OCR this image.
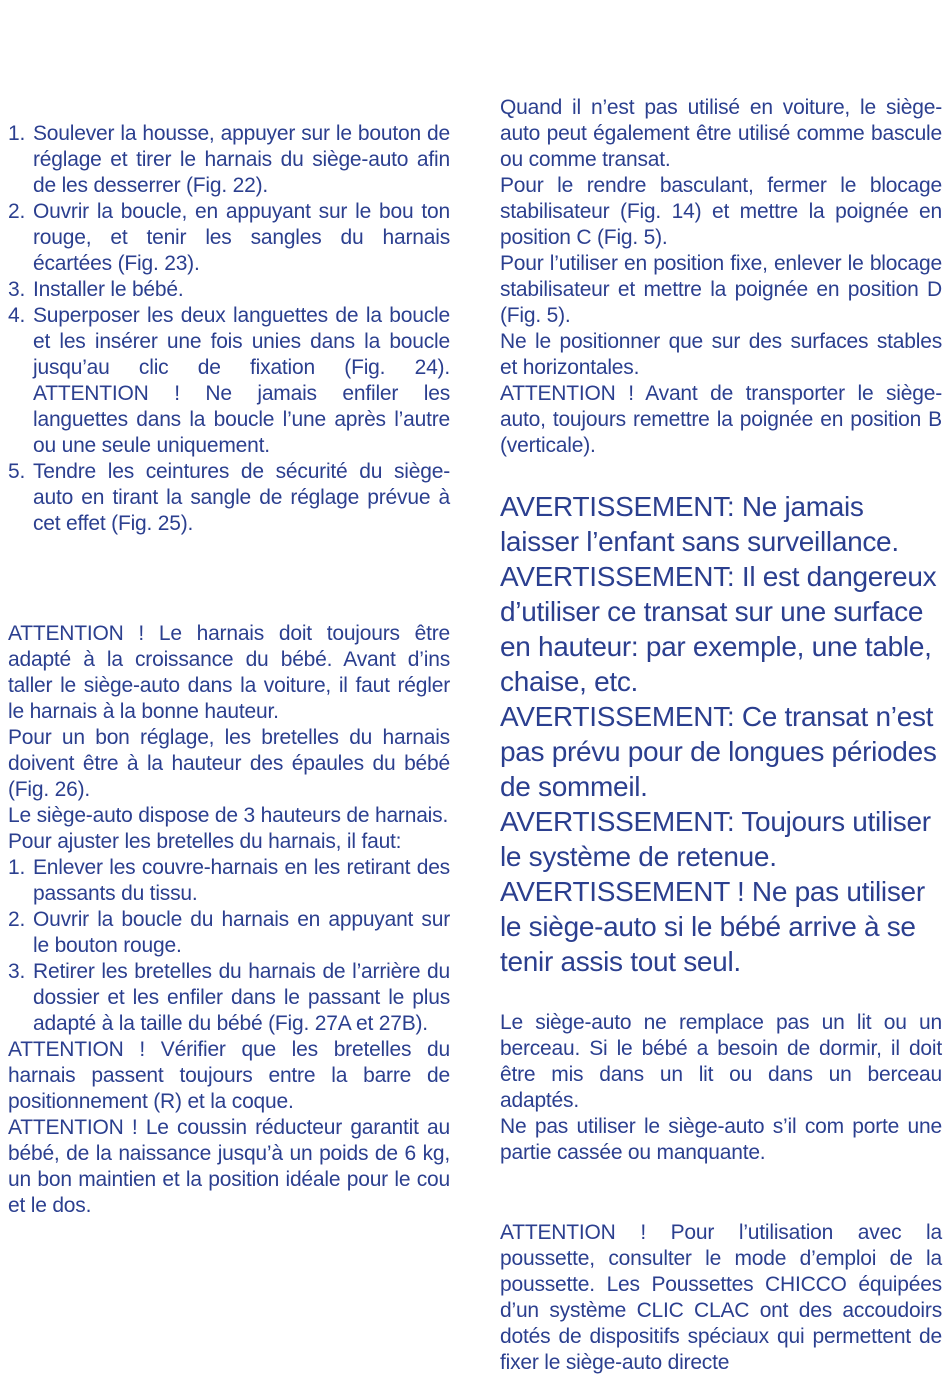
1. Soulever la housse, appuyer sur le bouton de réglage et tirer le harnais du siège-auto afin de les desserrer (Fig. 22).
2. Ouvrir la boucle, en appuyant sur le bou ton rouge, et tenir les sangles du harnais écartées (Fig. 23).
3. Installer le bébé.
4. Superposer les deux languettes de la boucle et les insérer une fois unies dans la boucle jusqu’au clic de fixation (Fig. 24). ATTENTION ! Ne jamais enfiler les languettes dans la boucle l’une après l’autre ou une seule uniquement.
5. Tendre les ceintures de sécurité du siège-auto en tirant la sangle de réglage prévue à cet effet (Fig. 25).

ATTENTION ! Le harnais doit toujours être adapté à la croissance du bébé. Avant d’ins taller le siège-auto dans la voiture, il faut régler le harnais à la bonne hauteur.

Pour un bon réglage, les bretelles du harnais doivent être à la hauteur des épaules du bébé (Fig. 26).

Le siège-auto dispose de 3 hauteurs de harnais.

Pour ajuster les bretelles du harnais, il faut:

1. Enlever les couvre-harnais en les retirant des passants du tissu.
2. Ouvrir la boucle du harnais en appuyant sur le bouton rouge.
3. Retirer les bretelles du harnais de l’arrière du dossier et les enfiler dans le passant le plus adapté à la taille du bébé (Fig. 27A et 27B).

ATTENTION ! Vérifier que les bretelles du harnais passent toujours entre la barre de positionnement (R) et la coque.

ATTENTION ! Le coussin réducteur garantit au bébé, de la naissance jusqu’à un poids de 6 kg, un bon maintien et la position idéale pour le cou et le dos.

Quand il n’est pas utilisé en voiture, le siège-auto peut également être utilisé comme bascule ou comme transat.

Pour le rendre basculant, fermer le blocage stabilisateur (Fig. 14) et mettre la poignée en position C (Fig. 5).

Pour l’utiliser en position fixe, enlever le blocage stabilisateur et mettre la poignée en position D (Fig. 5).

Ne le positionner que sur des surfaces stables et horizontales.

ATTENTION ! Avant de transporter le siège-auto, toujours remettre la poignée en position B (verticale).

AVERTISSEMENT: Ne jamais laisser l’enfant sans surveillance.

AVERTISSEMENT: Il est dangereux d’utiliser ce transat sur une surface en hauteur: par exemple, une table, chaise, etc.

AVERTISSEMENT: Ce transat n’est pas prévu pour de longues périodes de sommeil.

AVERTISSEMENT: Toujours utiliser le système de retenue.

AVERTISSEMENT ! Ne pas utiliser le siège-auto si le bébé arrive à se tenir assis tout seul.

Le siège-auto ne remplace pas un lit ou un berceau. Si le bébé a besoin de dormir, il doit être mis dans un lit ou dans un berceau adaptés.

Ne pas utiliser le siège-auto s’il com porte une partie cassée ou manquante.

ATTENTION ! Pour l’utilisation avec la poussette, consulter le mode d’emploi de la poussette. Les Poussettes CHICCO équipées d’un système CLIC CLAC ont des accoudoirs dotés de dispositifs spéciaux qui permettent de fixer le siège-auto directe
